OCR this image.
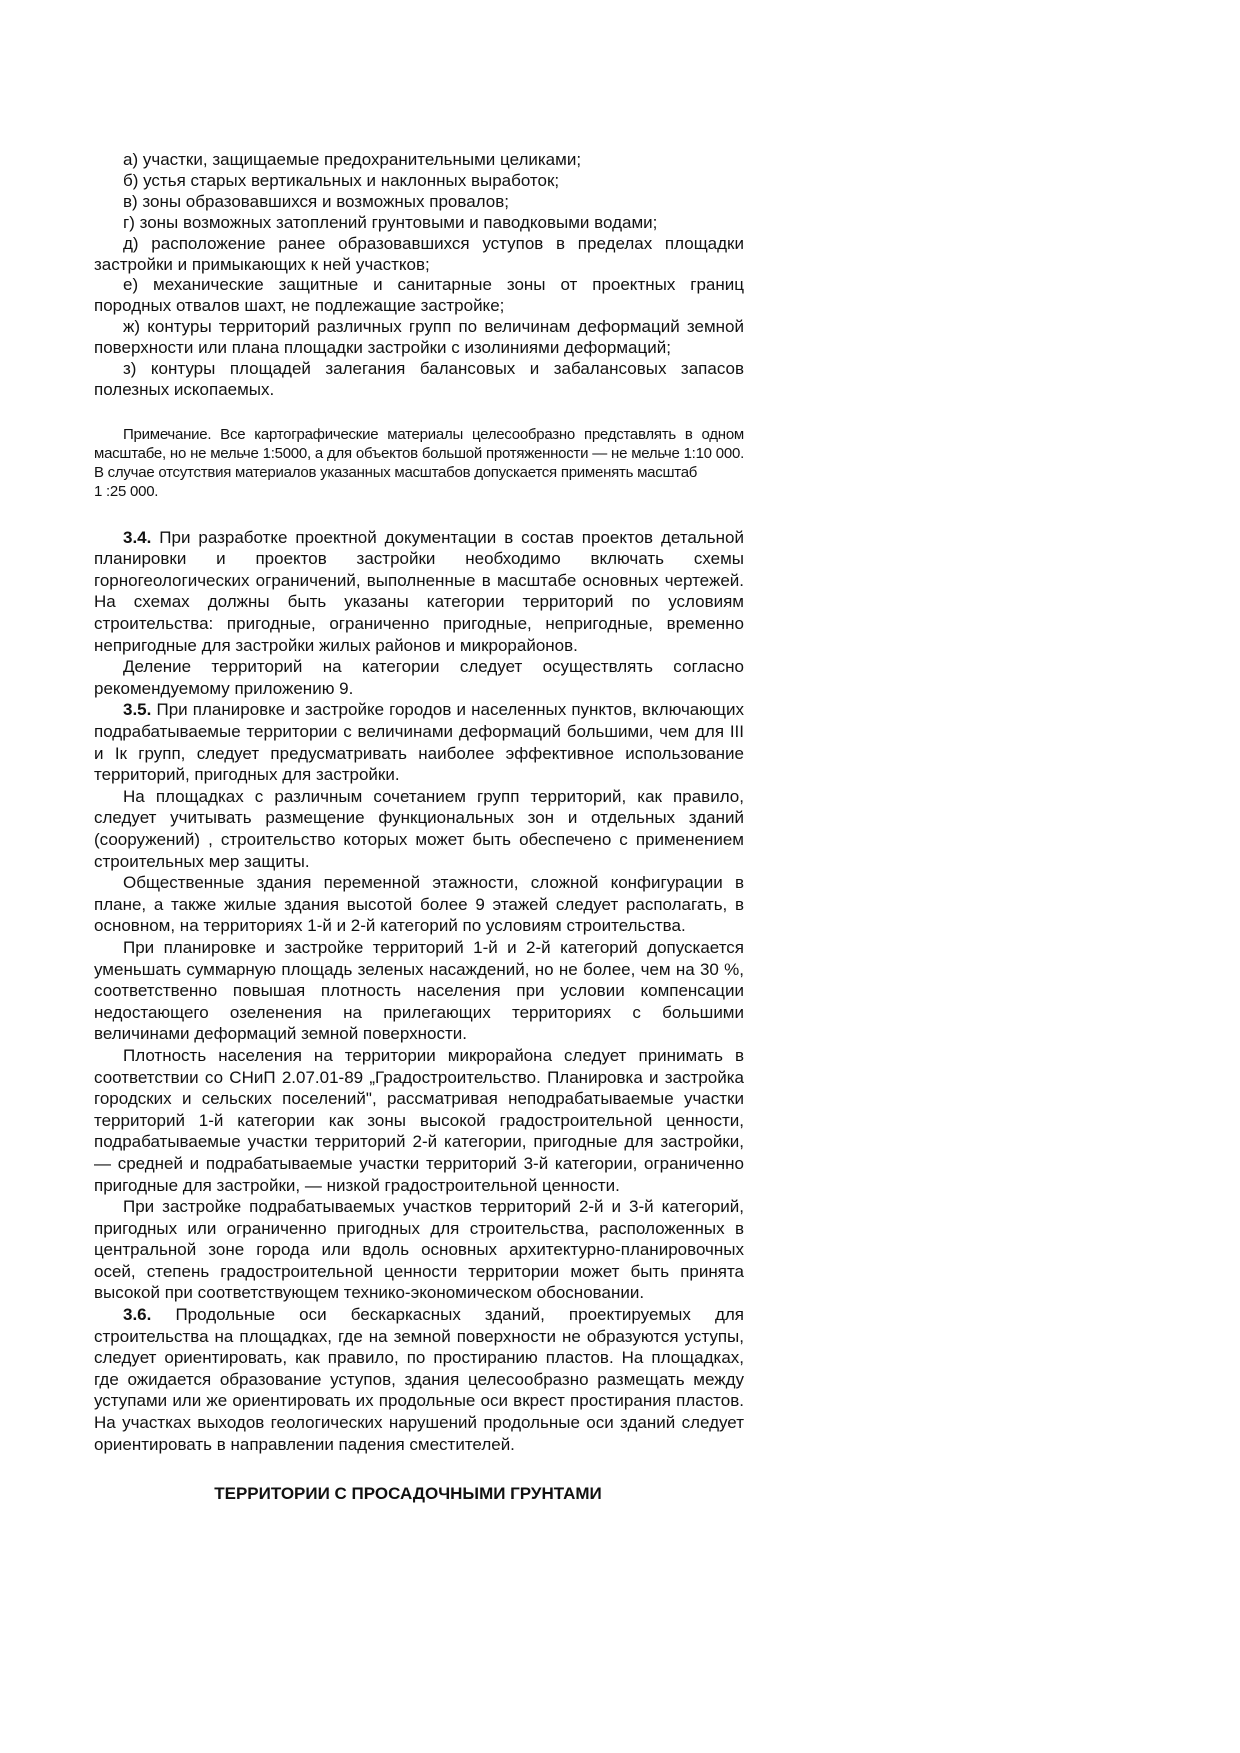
а) участки, защищаемые предохранительными целиками;

б) устья старых вертикальных и наклонных выработок;

в) зоны образовавшихся и возможных провалов;

г) зоны возможных затоплений грунтовыми и паводковыми водами;

д) расположение ранее образовавшихся уступов в пределах площадки застройки и примыкающих к ней участков;

е) механические защитные и санитарные зоны от проектных границ породных отвалов шахт, не подлежащие застройке;

ж) контуры территорий различных групп по величинам деформаций земной поверхности или плана площадки застройки с изолиниями деформаций;

з) контуры площадей залегания балансовых и забалансовых запасов полезных ископаемых.

Примечание. Все картографические материалы целесообразно представлять в одном масштабе, но не мельче 1:5000, а для объектов большой протяженности — не мельче 1:10 000. В случае отсутствия материалов указанных масштабов допускается применять масштаб

1 :25 000.

3.4. При разработке проектной документации в состав проектов детальной планировки и проектов застройки необходимо включать схемы горногеологических ограничений, выполненные в масштабе основных чертежей. На схемах должны быть указаны категории территорий по условиям строительства: пригодные, ограниченно пригодные, непригодные, временно непригодные для застройки жилых районов и микрорайонов.

Деление территорий на категории следует осуществлять согласно рекомендуемому приложению 9.

3.5. При планировке и застройке городов и населенных пунктов, включающих подрабатываемые территории с величинами деформаций большими, чем для III и Iк групп, следует предусматривать наиболее эффективное использование территорий, пригодных для застройки.

На площадках с различным сочетанием групп территорий, как правило, следует учитывать размещение функциональных зон и отдельных зданий (сооружений) , строительство которых может быть обеспечено с применением строительных мер защиты.

Общественные здания переменной этажности, сложной конфигурации в плане, а также жилые здания высотой более 9 этажей следует располагать, в основном, на территориях 1-й и 2-й категорий по условиям строительства.

При планировке и застройке территорий 1-й и 2-й категорий допускается уменьшать суммарную площадь зеленых насаждений, но не более, чем на 30 %, соответственно повышая плотность населения при условии компенсации недостающего озеленения на прилегающих территориях с большими величинами деформаций земной поверхности.

Плотность населения на территории микрорайона следует принимать в соответствии со СНиП 2.07.01-89 „Градостроительство. Планировка и застройка городских и сельских поселений", рассматривая неподрабатываемые участки территорий 1-й категории как зоны высокой градостроительной ценности, подрабатываемые участки территорий 2-й категории, пригодные для застройки, — средней и подрабатываемые участки территорий 3-й категории, ограниченно пригодные для застройки, — низкой градостроительной ценности.

При застройке подрабатываемых участков территорий 2-й и 3-й категорий, пригодных или ограниченно пригодных для строительства, расположенных в центральной зоне города или вдоль основных архитектурно-планировочных осей, степень градостроительной ценности территории может быть принята высокой при соответствующем технико-экономическом обосновании.

3.6. Продольные оси бескаркасных зданий, проектируемых для строительства на площадках, где на земной поверхности не образуются уступы, следует ориентировать, как правило, по простиранию пластов. На площадках, где ожидается образование уступов, здания целесообразно размещать между уступами или же ориентировать их продольные оси вкрест простирания пластов. На участках выходов геологических нарушений продольные оси зданий следует ориентировать в направлении падения сместителей.

ТЕРРИТОРИИ С ПРОСАДОЧНЫМИ ГРУНТАМИ
